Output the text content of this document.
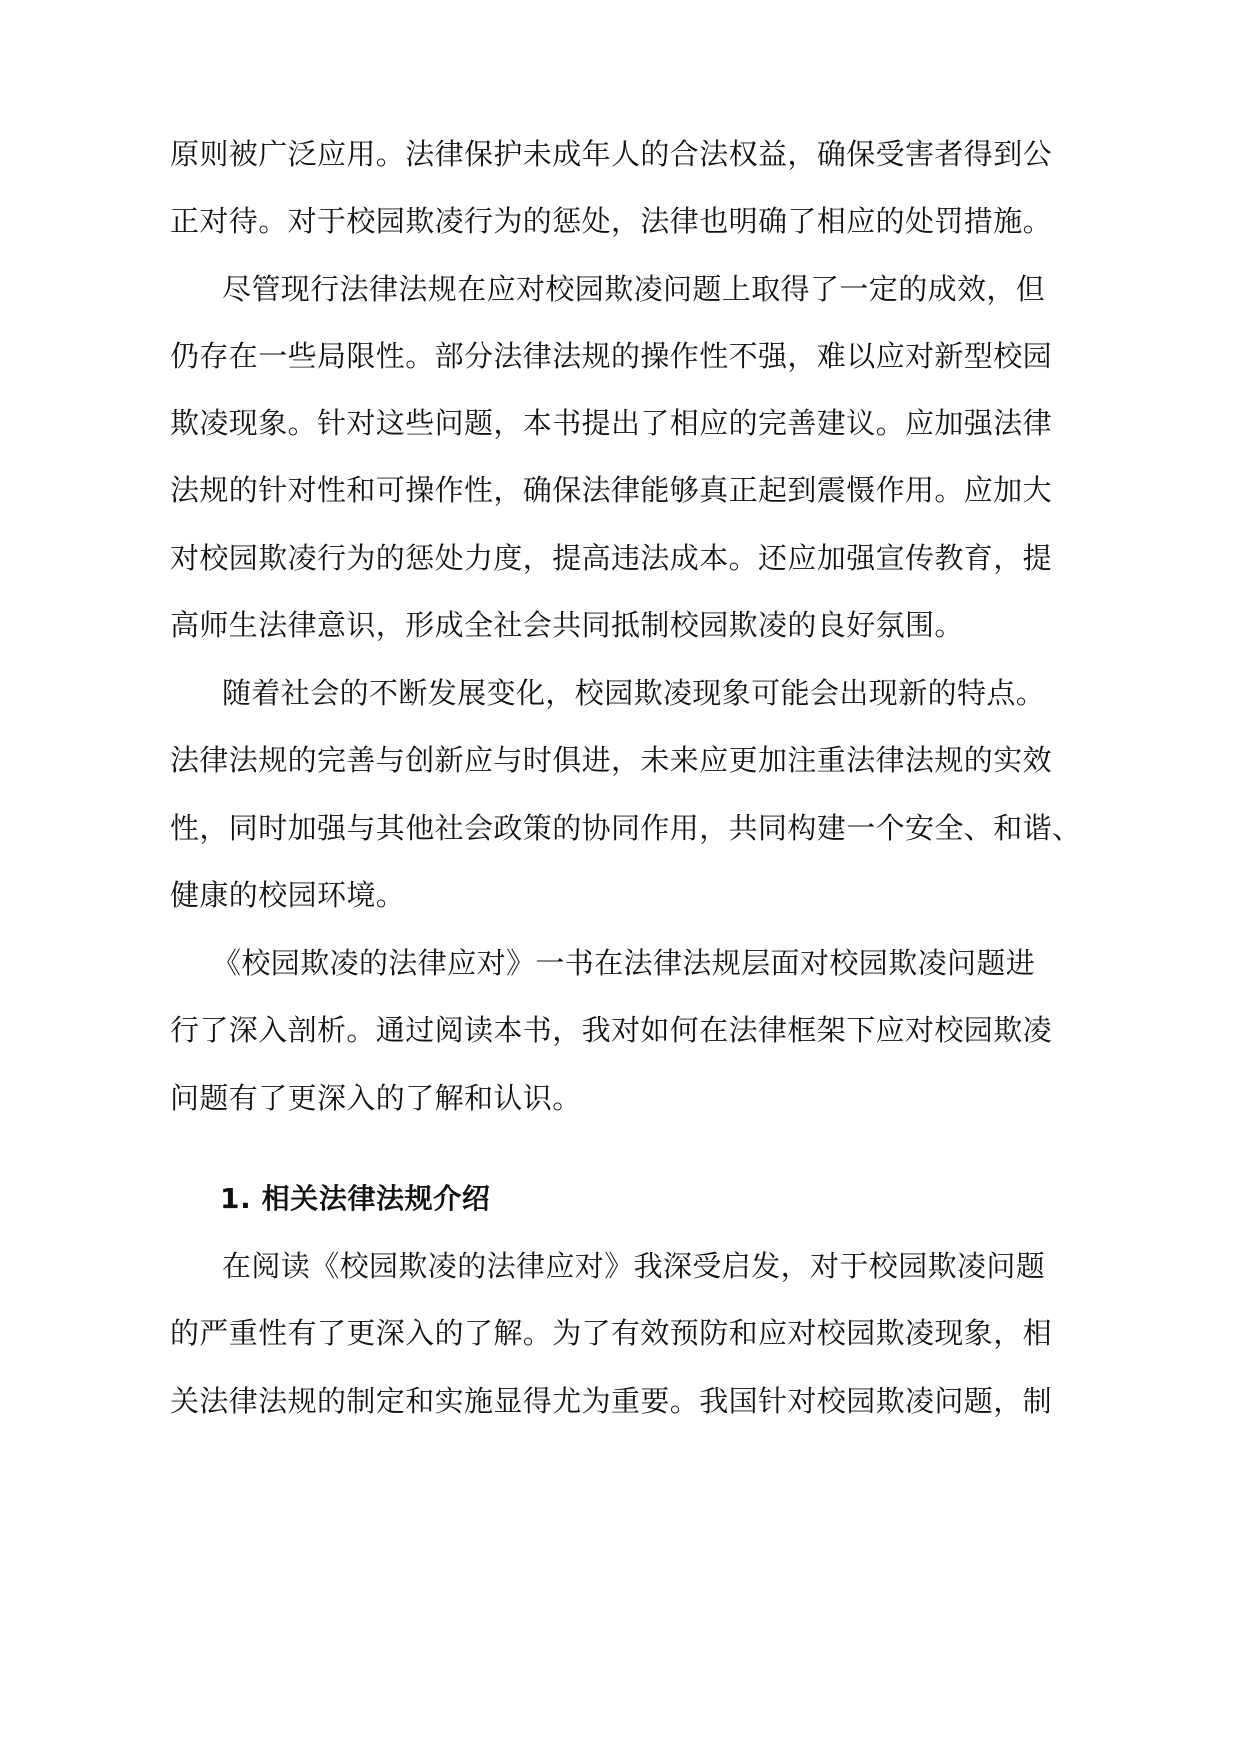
原则被广泛应用。法律保护未成年人的合法权益，确保受害者得到公
正对待。对于校园欺凌行为的惩处，法律也明确了相应的处罚措施。
尽管现行法律法规在应对校园欺凌问题上取得了一定的成效，但
仍存在一些局限性。部分法律法规的操作性不强，难以应对新型校园
欺凌现象。针对这些问题，本书提出了相应的完善建议。应加强法律
法规的针对性和可操作性，确保法律能够真正起到震慑作用。应加大
对校园欺凌行为的惩处力度，提高违法成本。还应加强宣传教育，提
高师生法律意识，形成全社会共同抵制校园欺凌的良好氛围。
随着社会的不断发展变化，校园欺凌现象可能会出现新的特点。
法律法规的完善与创新应与时俱进，未来应更加注重法律法规的实效
性，同时加强与其他社会政策的协同作用，共同构建一个安全、和谐、
健康的校园环境。
《校园欺凌的法律应对》一书在法律法规层面对校园欺凌问题进
行了深入剖析。通过阅读本书，我对如何在法律框架下应对校园欺凌
问题有了更深入的了解和认识。
1. 相关法律法规介绍
在阅读《校园欺凌的法律应对》我深受启发，对于校园欺凌问题
的严重性有了更深入的了解。为了有效预防和应对校园欺凌现象，相
关法律法规的制定和实施显得尤为重要。我国针对校园欺凌问题，制
